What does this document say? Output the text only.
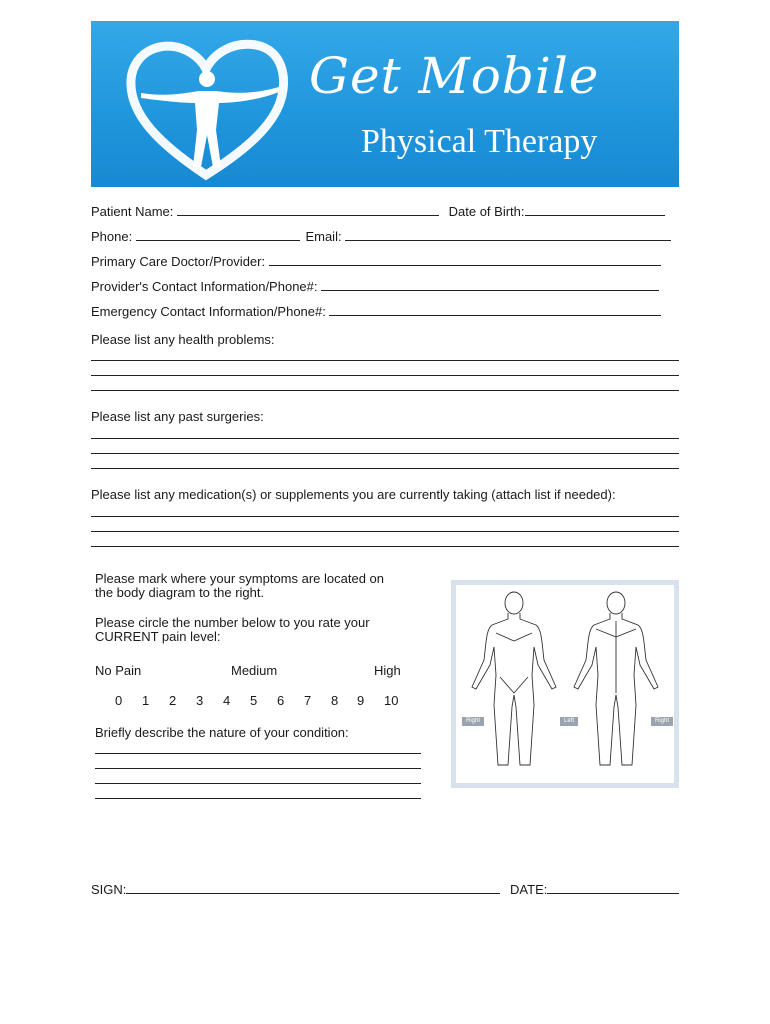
Get Mobile
Physical Therapy
Patient Name:	Date of Birth:
Phone:	Email:
Primary Care Doctor/Provider:
Provider's Contact Information/Phone#:
Emergency Contact Information/Phone#:
Please list any health problems:
Please list any past surgeries:
Please list any medication(s) or supplements you are currently taking (attach list if needed):
Please mark where your symptoms are located on
the body diagram to the right.
Please circle the number below to you rate your
CURRENT pain level:
No Pain	Medium	High
0 1 2 3 4 5 6 7 8 9 10
Briefly describe the nature of your condition:
Right	Left	Right
SIGN:	DATE:
